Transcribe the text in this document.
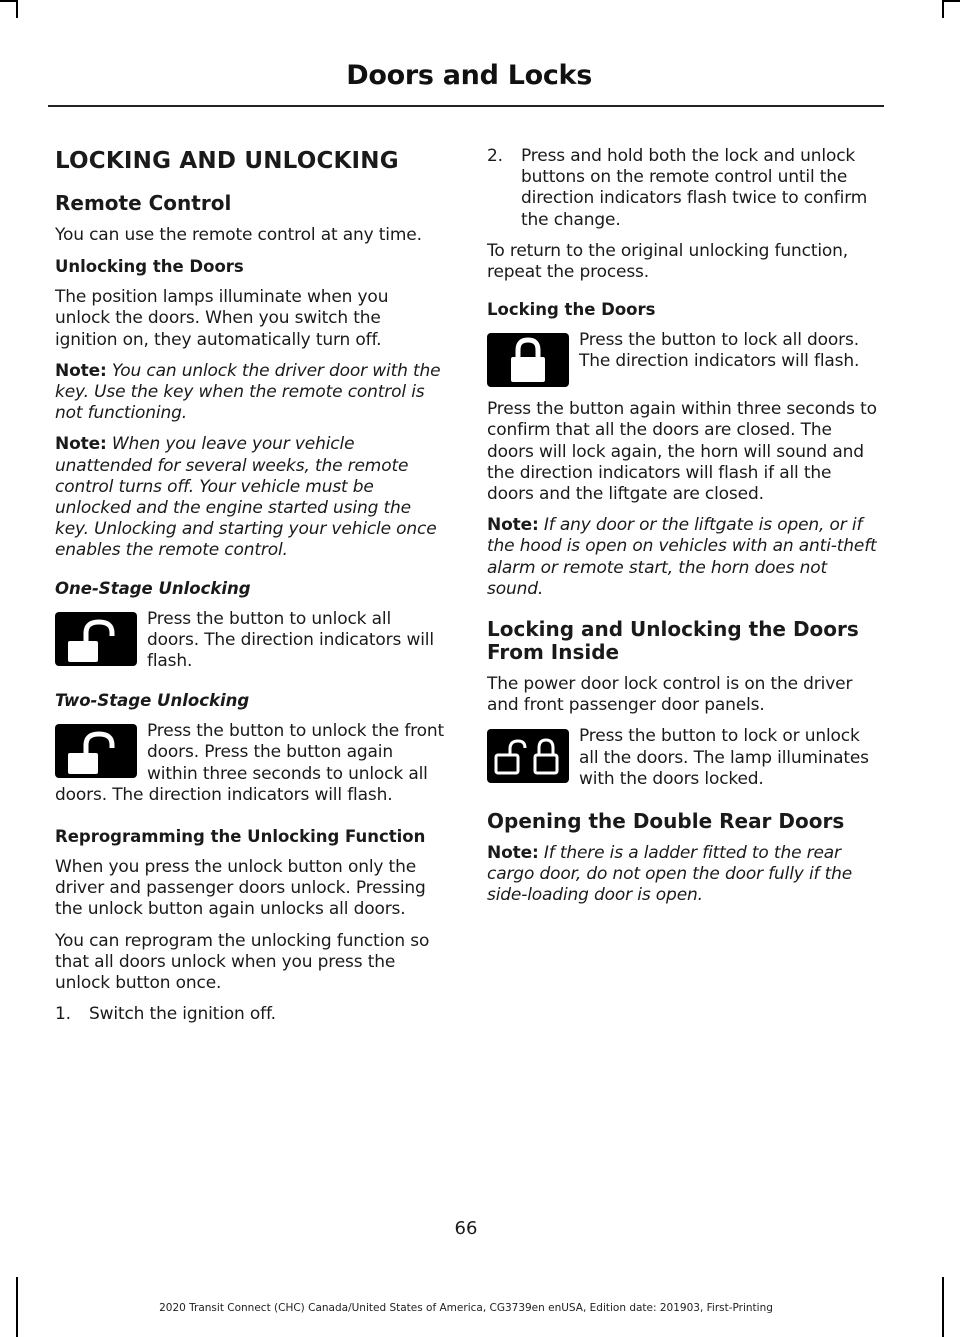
Doors and Locks
LOCKING AND UNLOCKING
Remote Control

You can use the remote control at any time.

Unlocking the Doors

The position lamps illuminate when you unlock the doors. When you switch the ignition on, they automatically turn off.

Note: You can unlock the driver door with the key. Use the key when the remote control is not functioning.

Note: When you leave your vehicle unattended for several weeks, the remote control turns off. Your vehicle must be unlocked and the engine started using the key. Unlocking and starting your vehicle once enables the remote control.

One-Stage Unlocking

Press the button to unlock all doors. The direction indicators will flash.

Two-Stage Unlocking

Press the button to unlock the front doors. Press the button again within three seconds to unlock all doors. The direction indicators will flash.

Reprogramming the Unlocking Function

When you press the unlock button only the driver and passenger doors unlock. Pressing the unlock button again unlocks all doors.

You can reprogram the unlocking function so that all doors unlock when you press the unlock button once.

1.	Switch the ignition off.
2.	Press and hold both the lock and unlock buttons on the remote control until the direction indicators flash twice to confirm the change.

To return to the original unlocking function, repeat the process.

Locking the Doors

Press the button to lock all doors. The direction indicators will flash.

Press the button again within three seconds to confirm that all the doors are closed. The doors will lock again, the horn will sound and the direction indicators will flash if all the doors and the liftgate are closed.

Note: If any door or the liftgate is open, or if the hood is open on vehicles with an anti-theft alarm or remote start, the horn does not sound.

Locking and Unlocking the Doors From Inside

The power door lock control is on the driver and front passenger door panels.

Press the button to lock or unlock all the doors. The lamp illuminates with the doors locked.

Opening the Double Rear Doors

Note: If there is a ladder fitted to the rear cargo door, do not open the door fully if the side-loading door is open.

66
2020 Transit Connect (CHC) Canada/United States of America, CG3739en enUSA, Edition date: 201903, First-Printing
